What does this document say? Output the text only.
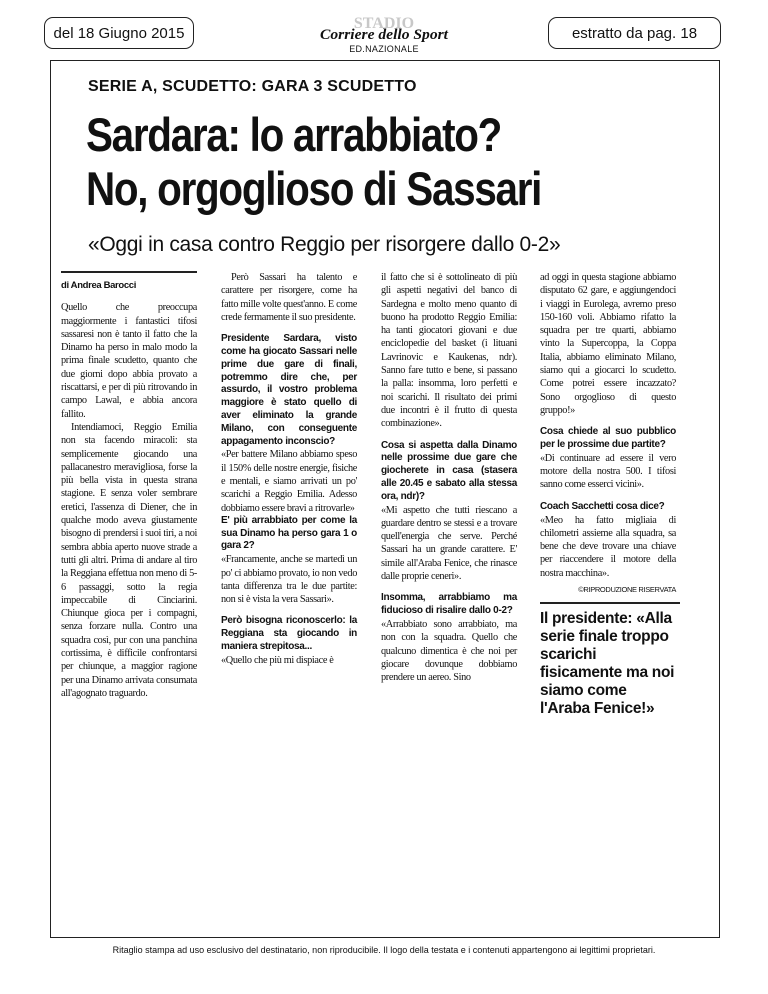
del 18 Giugno 2015
STADIO
Corriere dello Sport
ED.NAZIONALE
estratto da pag. 18
SERIE A, SCUDETTO: GARA 3 SCUDETTO
Sardara: lo arrabbiato?
No, orgoglioso di Sassari
«Oggi in casa contro Reggio per risorgere dallo 0-2»

di Andrea Barocci

Quello che preoccupa maggiormente i fantastici tifosi sassaresi non è tanto il fatto che la Dinamo ha perso in malo modo la prima finale scudetto, quanto che due giorni dopo abbia provato a riscattarsi, e per di più ritrovando in campo Lawal, e abbia ancora fallito.

Intendiamoci, Reggio Emilia non sta facendo miracoli: sta semplicemente giocando una pallacanestro meravigliosa, forse la più bella vista in questa strana stagione. E senza voler sembrare eretici, l'assenza di Diener, che in qualche modo aveva giustamente bisogno di prendersi i suoi tiri, a noi sembra abbia aperto nuove strade a tutti gli altri. Prima di andare al tiro la Reggiana effettua non meno di 5-6 passaggi, sotto la regia impeccabile di Cinciarini. Chiunque gioca per i compagni, senza forzare nulla. Contro una squadra così, pur con una panchina cortissima, è difficile confrontarsi per chiunque, a maggior ragione per una Dinamo arrivata consumata all'agognato traguardo.

Però Sassari ha talento e carattere per risorgere, come ha fatto mille volte quest'anno. E come crede fermamente il suo presidente.

Presidente Sardara, visto come ha giocato Sassari nelle prime due gare di finali, potremmo dire che, per assurdo, il vostro problema maggiore è stato quello di aver eliminato la grande Milano, con conseguente appagamento inconscio?

«Per battere Milano abbiamo speso il 150% delle nostre energie, fisiche e mentali, e siamo arrivati un po' scarichi a Reggio Emilia. Adesso dobbiamo essere bravi a ritrovarle»

E' più arrabbiato per come la sua Dinamo ha perso gara 1 o gara 2?

«Francamente, anche se martedì un po' ci abbiamo provato, io non vedo tanta differenza tra le due partite: non si è vista la vera Sassari».

Però bisogna riconoscerlo: la Reggiana sta giocando in maniera strepitosa...

«Quello che più mi dispiace è

il fatto che si è sottolineato di più gli aspetti negativi del banco di Sardegna e molto meno quanto di buono ha prodotto Reggio Emilia: ha tanti giocatori giovani e due enciclopedie del basket (i lituani Lavrinovic e Kaukenas, ndr). Sanno fare tutto e bene, si passano la palla: insomma, loro perfetti e noi scarichi. Il risultato dei primi due incontri è il frutto di questa combinazione».

Cosa si aspetta dalla Dinamo nelle prossime due gare che giocherete in casa (stasera alle 20.45 e sabato alla stessa ora, ndr)?

«Mi aspetto che tutti riescano a guardare dentro se stessi e a trovare quell'energia che serve. Perché Sassari ha un grande carattere. E' simile all'Araba Fenice, che rinasce dalle proprie ceneri».

Insomma, arrabbiamo ma fiducioso di risalire dallo 0-2?

«Arrabbiato sono arrabbiato, ma non con la squadra. Quello che qualcuno dimentica è che noi per giocare dovunque dobbiamo prendere un aereo. Sino

ad oggi in questa stagione abbiamo disputato 62 gare, e aggiungendoci i viaggi in Eurolega, avremo preso 150-160 voli. Abbiamo rifatto la squadra per tre quarti, abbiamo vinto la Supercoppa, la Coppa Italia, abbiamo eliminato Milano, siamo qui a giocarci lo scudetto. Come potrei essere incazzato? Sono orgoglioso di questo gruppo!»

Cosa chiede al suo pubblico per le prossime due partite?

«Di continuare ad essere il vero motore della nostra 500. I tifosi sanno come esserci vicini».

Coach Sacchetti cosa dice?

«Meo ha fatto migliaia di chilometri assieme alla squadra, sa bene che deve trovare una chiave per riaccendere il motore della nostra macchina».

©RIPRODUZIONE RISERVATA

Il presidente: «Alla serie finale troppo scarichi fisicamente ma noi siamo come l'Araba Fenice!»
Ritaglio stampa ad uso esclusivo del destinatario, non riproducibile. Il logo della testata e i contenuti appartengono ai legittimi proprietari.
